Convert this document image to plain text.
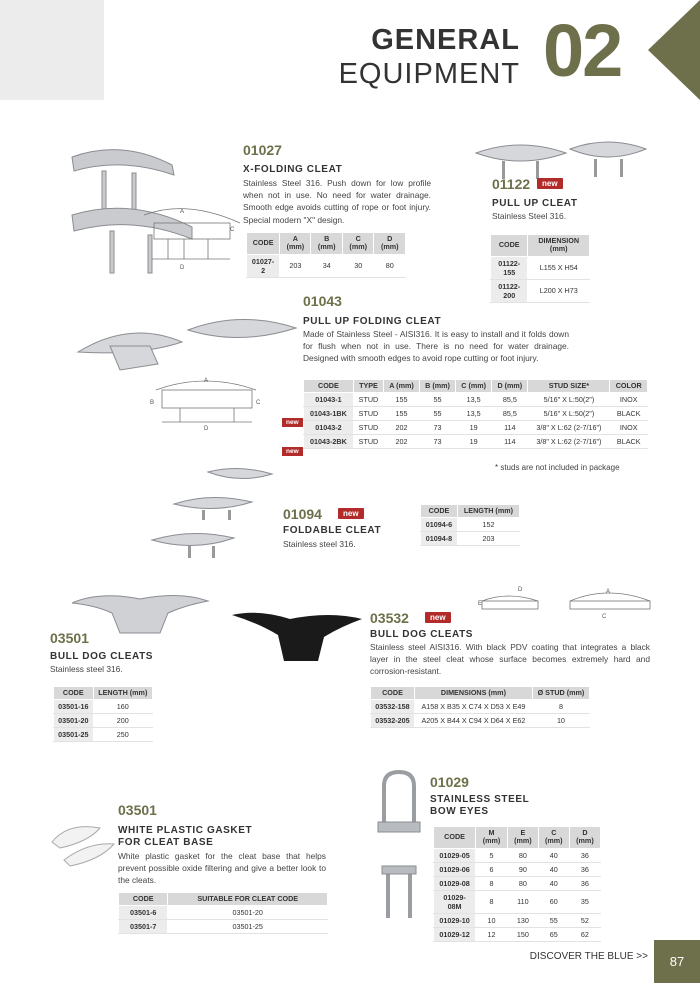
GENERAL
EQUIPMENT 02
A
C
D
01027
X-FOLDING CLEAT
Stainless Steel 316. Push down for low profile when not in use. No need for water drainage. Smooth edge avoids cutting of rope or foot injury. Special modern "X" design.
CODE	A (mm)	B (mm)	C (mm)	D (mm)
01027-2	203	34	30	80
01122	new
PULL UP CLEAT
Stainless Steel 316.
CODE	DIMENSION (mm)
01122-155	L155 X H54
01122-200	L200 X H73
A
B	C
D
01043
PULL UP FOLDING CLEAT
Made of Stainless Steel - AISI316. It is easy to install and it folds down for flush when not in use. There is no need for water drainage. Designed with smooth edges to avoid rope cutting or foot injury.
CODE	TYPE	A (mm)	B (mm)	C (mm)	D (mm)	STUD SIZE*	COLOR
01043-1	STUD	155	55	13,5	85,5	5/16" X L:50(2")	INOX
01043-1BK	STUD	155	55	13,5	85,5	5/16" X L:50(2")	BLACK
01043-2	STUD	202	73	19	114	3/8" X L:62 (2-7/16")	INOX
01043-2BK	STUD	202	73	19	114	3/8" X L:62 (2-7/16")	BLACK
new
new
* studs are not included in package
01094	new
FOLDABLE CLEAT
Stainless steel 316.
CODE	LENGTH (mm)
01094-6	152
01094-8	203
03501
BULL DOG CLEATS
Stainless steel 316.
CODE	LENGTH (mm)
03501-16	160
03501-20	200
03501-25	250
D
E
A
C
03532	new
BULL DOG CLEATS
Stainless steel AISI316. With black PDV coating that integrates a black layer in the steel cleat whose surface becomes extremely hard and corrosion-resistant.
CODE	DIMENSIONS (mm)	Ø STUD (mm)
03532-158	A158 X B35 X C74 X D53 X E49	8
03532-205	A205 X B44 X C94 X D64 X E62	10
01029
STAINLESS STEEL BOW EYES
CODE	M (mm)	E (mm)	C (mm)	D (mm)
01029-05	5	80	40	36
01029-06	6	90	40	36
01029-08	8	80	40	36
01029-08M	8	110	60	35
01029-10	10	130	55	52
01029-12	12	150	65	62
03501
WHITE PLASTIC GASKET FOR CLEAT BASE
White plastic gasket for the cleat base that helps prevent possible oxide filtering and give a better look to the cleats.
CODE	SUITABLE FOR CLEAT CODE
03501-6	03501-20
03501-7	03501-25
DISCOVER THE BLUE >>	87
